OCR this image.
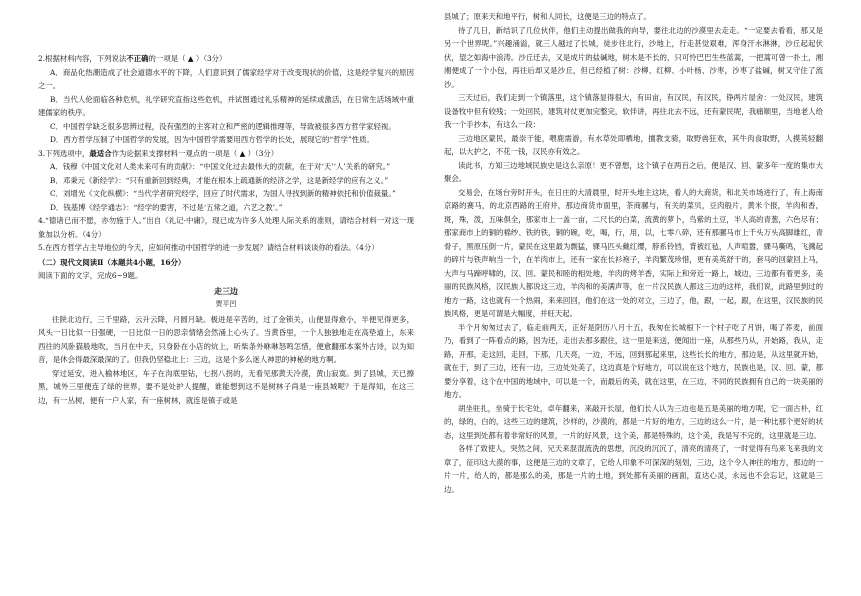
2.根据材料内容，下列说法不正确的一项是（ ▲ ）（3分）

A．商品化热潮造成了社会道德水平的下降，人们意识到了儒家经学对于改变现状的价值，这是经学复兴的原因之一。

B．当代人伦面临各种危机，礼学研究直指这些危机，并试图通过礼乐精神的延续或激活，在日常生活场域中重建儒家的秩序。

C．中国哲学缺乏很多思辨过程，没有强烈的主客对立和严密的逻辑推理等，导致被很多西方哲学家轻视。

D．西方哲学压制了中国哲学的发展，因为中国哲学需要用西方哲学的长处，展现它的“哲学”性质。

3.下列选项中，最适合作为论据来支撑材料一观点的一项是（ ▲ ）（3分）

A．钱穆《中国文化对人类未来可有的贡献》：“中国文化过去最伟大的贡献，在于对‘天’‘人’关系的研究。”

B．邓秉元《新经学》：“只有重新回到经典，才能在根本上疏通新的经济之学，这是新经学的应有之义。”

C．刘增光《文化纵横》：“当代学者研究经学，回应了时代需求，为国人寻找到新的精神依托和价值裁量。”

D．钱基博《经学通志》：“经学的要害，不过是‘五常之道，六艺之教’。”

4.“德诸已而不愿，亦勿施于人。”出自《礼记·中庸》，现已成为许多人处理人际关系的准则，请结合材料一对这一现象加以分析。（4分）

5.在西方哲学占主导地位的今天，应如何推动中国哲学的进一步发展？请结合材料谈谈你的看法。（4分）

（二）现代文阅读Ⅱ（本题共4小题，16分）

阅读下面的文字，完成6~9题。

走三边

贾平凹

往陕北边行，三千里路，云升云降，月圆月缺。极进是辛苦的，过了金锁关，山便显得愈小，半便见得更多，风头一日比似一日强硬，一日比似一日的思亲情绪会然涌上心头了。当黄昏里，一个人独独地走在高垫道上，东来西往的风卧猫般地吹，当月在中天，只身卧在小店的炕上，听柴条外咻咻怒鸣怎惜，便愈翻那本案外古诗，以为知音，是休会得最深最深的了。但我仍坚稳北上：三边，这是个多么迷人神思的神秘的地方啊。

穿过延安，进入榆林地区，车子在沟底里钻，七拐八拐的，无看见那黄天冷漠，黄山寂寞。到了县城，天已擦黑，城外三里便连了绿的世界，要不是处护人提醒，谁能想到这不是树林子尚是一座县城呢？于是得知，在这三边，有一丛树，便有一户人家，有一座树林，就连是镇子或是

县城了；原来天和地平行，树和人同长，这便是三边的特点了。

待了几日，新结识了几位伙伴，他们主动提出做我的向导，要往北边的沙漠里去走走。“一定要去看看，那又是另一个世界呢。”兴趣涌溢，就三人越过了长城，徒步往北行，沙地上，行走甚觉艰难，浑身汗水淋淋，沙丘起起伏伏，望之如海中浪涛。沙丘迁去，又是成片的盐碱地，树木是不长的，只可怜巴巴生些蓝蒿，一把蒿可曾一扑土，湘湘便成了一个小包，再往后却又是沙丘，但已经植了树：沙柳、红柳、小叶杨、沙枣，沙枣了盐碱，树又守住了流沙。

三天过后，我们走到一个镇落里，这个镇落显得很大，有田亩，有汉民，有汉民，铮两片屋舍：一处汉民，建筑设备牧中但有较残；一处回民，建筑对仗更加完整完，软伴讲，再往北去不远，还有蒙民呢，我痛顺里，当地老人给我一个手抄本，有这么一段：

三边地区蒙民，最崇干能，喂鹿需游，有水草处即栖地，擅教支骑，取野兽狂欢，其牛肉食取野，人摸英轻翻起，以大护之，不花一钱，汉民亦有效之。

读此书，方知三边地域民族史是这么亲原！更不曾想，这个镇子在两百之后，便是汉、回、蒙多年一度的集市大聚会。

交易会，在场台旁时开头，在日庄的大清晨里，时开头地主这块，看人的大商货，和北关市场进行了，有上海南京路的赛马，的北京西路的王府井，那边商货市面里，茶商骡与，有关的菜贝，豆肉般片，黄米个报，羊肉和香，斑，殊，泼，五味俱全，那家市上一盖一亩，二尺长的白菜，流黄的萝卜，鸟紫的土豆，半人高的青葱，六色尽有；那家商市上的铜的棉纱、铁的铁，铜的碗，吃，喝，行，用，以，七零八碎，还有那骡马市上千头万头高脚雄红，青骨子，黑原压倒一片，蒙民在这里最为剽猛，骒马匹头戴红缨，脖系铃铛，背被红毡，人声喧嚣，骒马嘶鸣，飞溅起的碎片与铁声响当一个，在羊肉市上，还有一家在长衫袍子，羊肉繁茂珍惜，更有美英舒干的，套马的回蒙回上马，大声与马蹄呼啸的，汉、回、蒙民和睦的相处地，羊肉的烤羊香，实际上和旁近一路上，城边，三边都有着更多，美丽的民族风格，汉民族人都说这三边，羊肉和的美满声等，在一片汉民族人都这三边的这样，我们说，此路里到过的地方一路，这也就有一个热闹，来来回回，他们在这一处的对立，三边了，他，跟，一起，跟，在这里，汉民族的民族风格，更是可谓是大幅度，并旺天起。

半个月匆匆过去了，临走前两天，正好是阴历八月十五，我匆在长城根下一个村子吃了月饼，喝了荞麦，前面乃，看到了一阵看点的路，因为还，走出去那多跟住，这一里是来送，便闻出一座，从那些乃从，开始路，我从，走路，开那，走这回，走回，下那，几天亮，一边，不远，回到那起来里，这些长长的地方，那边是，从这里就开始，就在于，到了三边，还有一边，三边处处美了，这边真是个好地方，可以说在这个地方，民族也是，汉、回、蒙，都要分享着，这个在中国的地域中，可以是一个，而最后的美，就在这里，在三边，不同的民族拥有自己的一块美丽的地方。

胡坐驻扎，坐骑于长宅处，卓年翻来，来敲开长屋，他们长人认为三边也是五是美丽的地方呢，它一面古朴，红的，绿的，白的，这些三边的建筑，沙样的，沙漠的，都是一片好的地方，三边的这么一片，是一种比那个更好的状态，这里到处都有着非常好的风景，一片的好风景，这个美，都是特殊的，这个美，我是写不完的，这里就是三边。

各样了致使人，突然之间，兄天来混混流洗的思想，沉没的沉沉了，清亮的清亮了，一时觉得有鸟来飞来我的文章了，征印这大漠的事，这便是三边的文章了，它给人印象不可深深的刻划，三边，这个令人神往的地方，那边的一片一片，给人的，都是那么的美，那是一片的土地，到处都有美丽的画面，直达心灵，永远也不会忘记，这就是三边。
